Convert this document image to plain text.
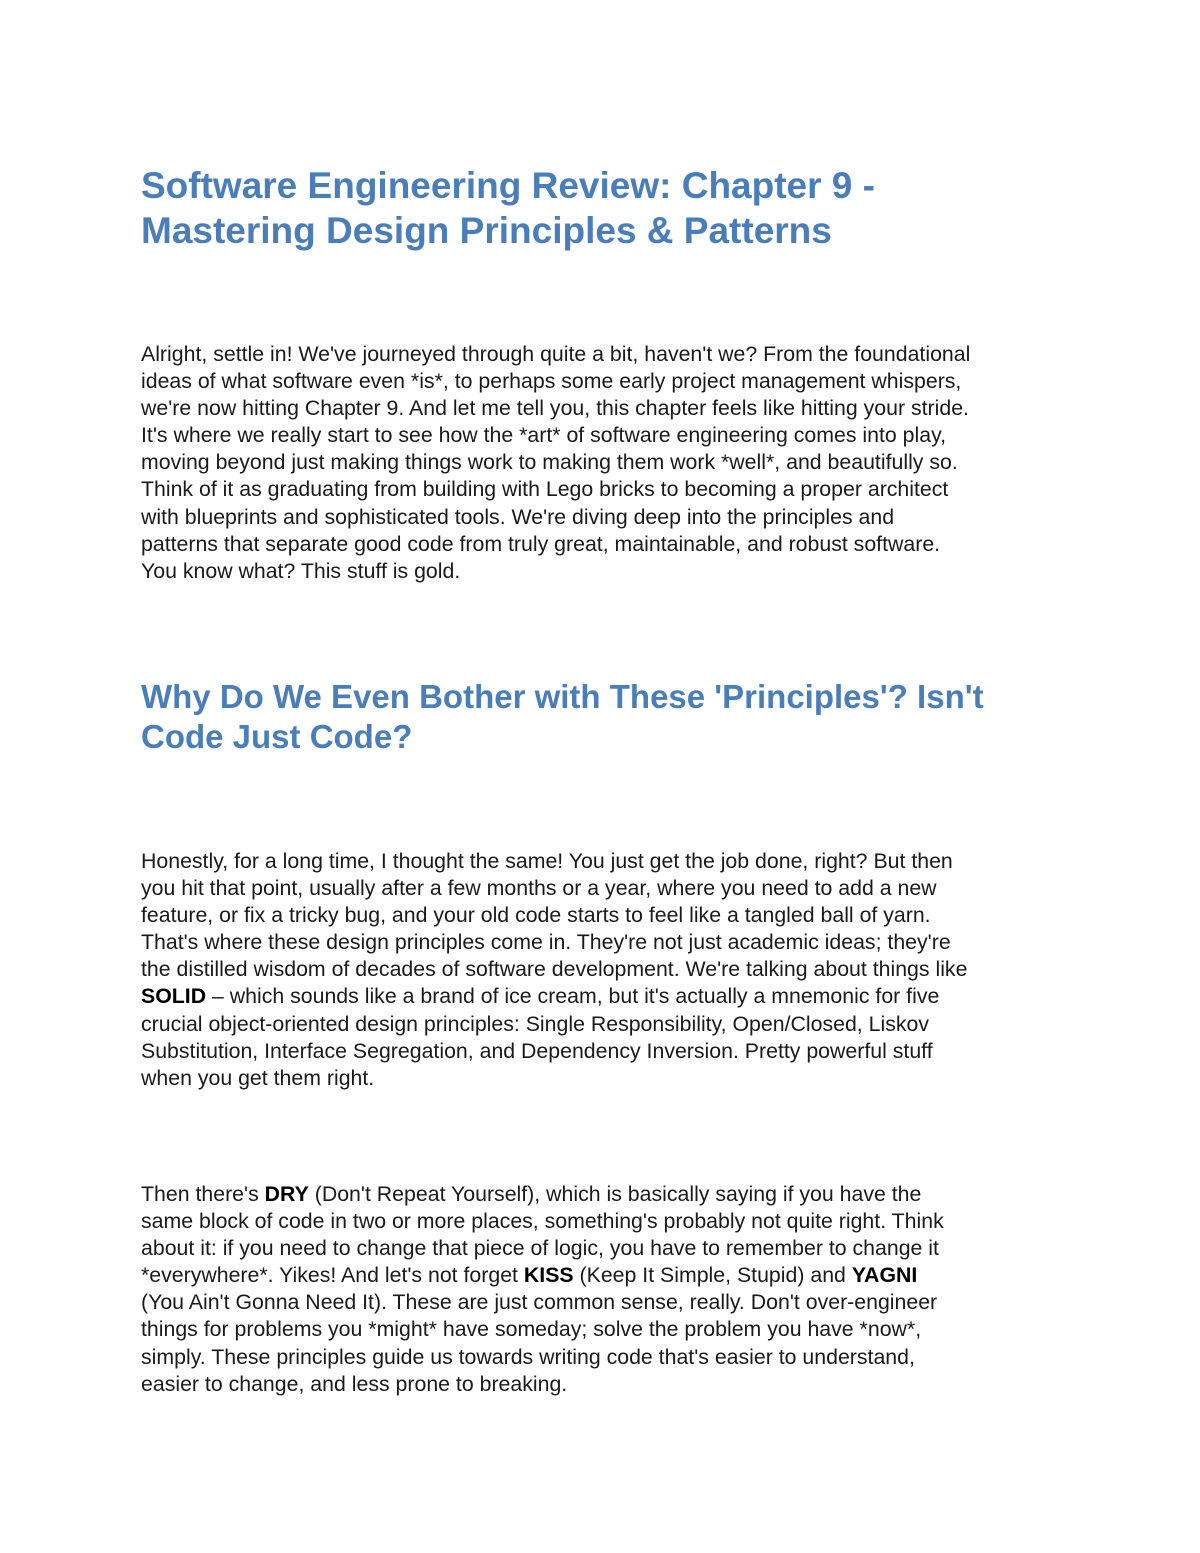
Software Engineering Review: Chapter 9 -
Mastering Design Principles & Patterns

Alright, settle in! We've journeyed through quite a bit, haven't we? From the foundational
ideas of what software even *is*, to perhaps some early project management whispers,
we're now hitting Chapter 9. And let me tell you, this chapter feels like hitting your stride.
It's where we really start to see how the *art* of software engineering comes into play,
moving beyond just making things work to making them work *well*, and beautifully so.
Think of it as graduating from building with Lego bricks to becoming a proper architect
with blueprints and sophisticated tools. We're diving deep into the principles and
patterns that separate good code from truly great, maintainable, and robust software.
You know what? This stuff is gold.

Why Do We Even Bother with These 'Principles'? Isn't
Code Just Code?

Honestly, for a long time, I thought the same! You just get the job done, right? But then
you hit that point, usually after a few months or a year, where you need to add a new
feature, or fix a tricky bug, and your old code starts to feel like a tangled ball of yarn.
That's where these design principles come in. They're not just academic ideas; they're
the distilled wisdom of decades of software development. We're talking about things like
SOLID – which sounds like a brand of ice cream, but it's actually a mnemonic for five
crucial object-oriented design principles: Single Responsibility, Open/Closed, Liskov
Substitution, Interface Segregation, and Dependency Inversion. Pretty powerful stuff
when you get them right.

Then there's DRY (Don't Repeat Yourself), which is basically saying if you have the
same block of code in two or more places, something's probably not quite right. Think
about it: if you need to change that piece of logic, you have to remember to change it
*everywhere*. Yikes! And let's not forget KISS (Keep It Simple, Stupid) and YAGNI
(You Ain't Gonna Need It). These are just common sense, really. Don't over-engineer
things for problems you *might* have someday; solve the problem you have *now*,
simply. These principles guide us towards writing code that's easier to understand,
easier to change, and less prone to breaking.
